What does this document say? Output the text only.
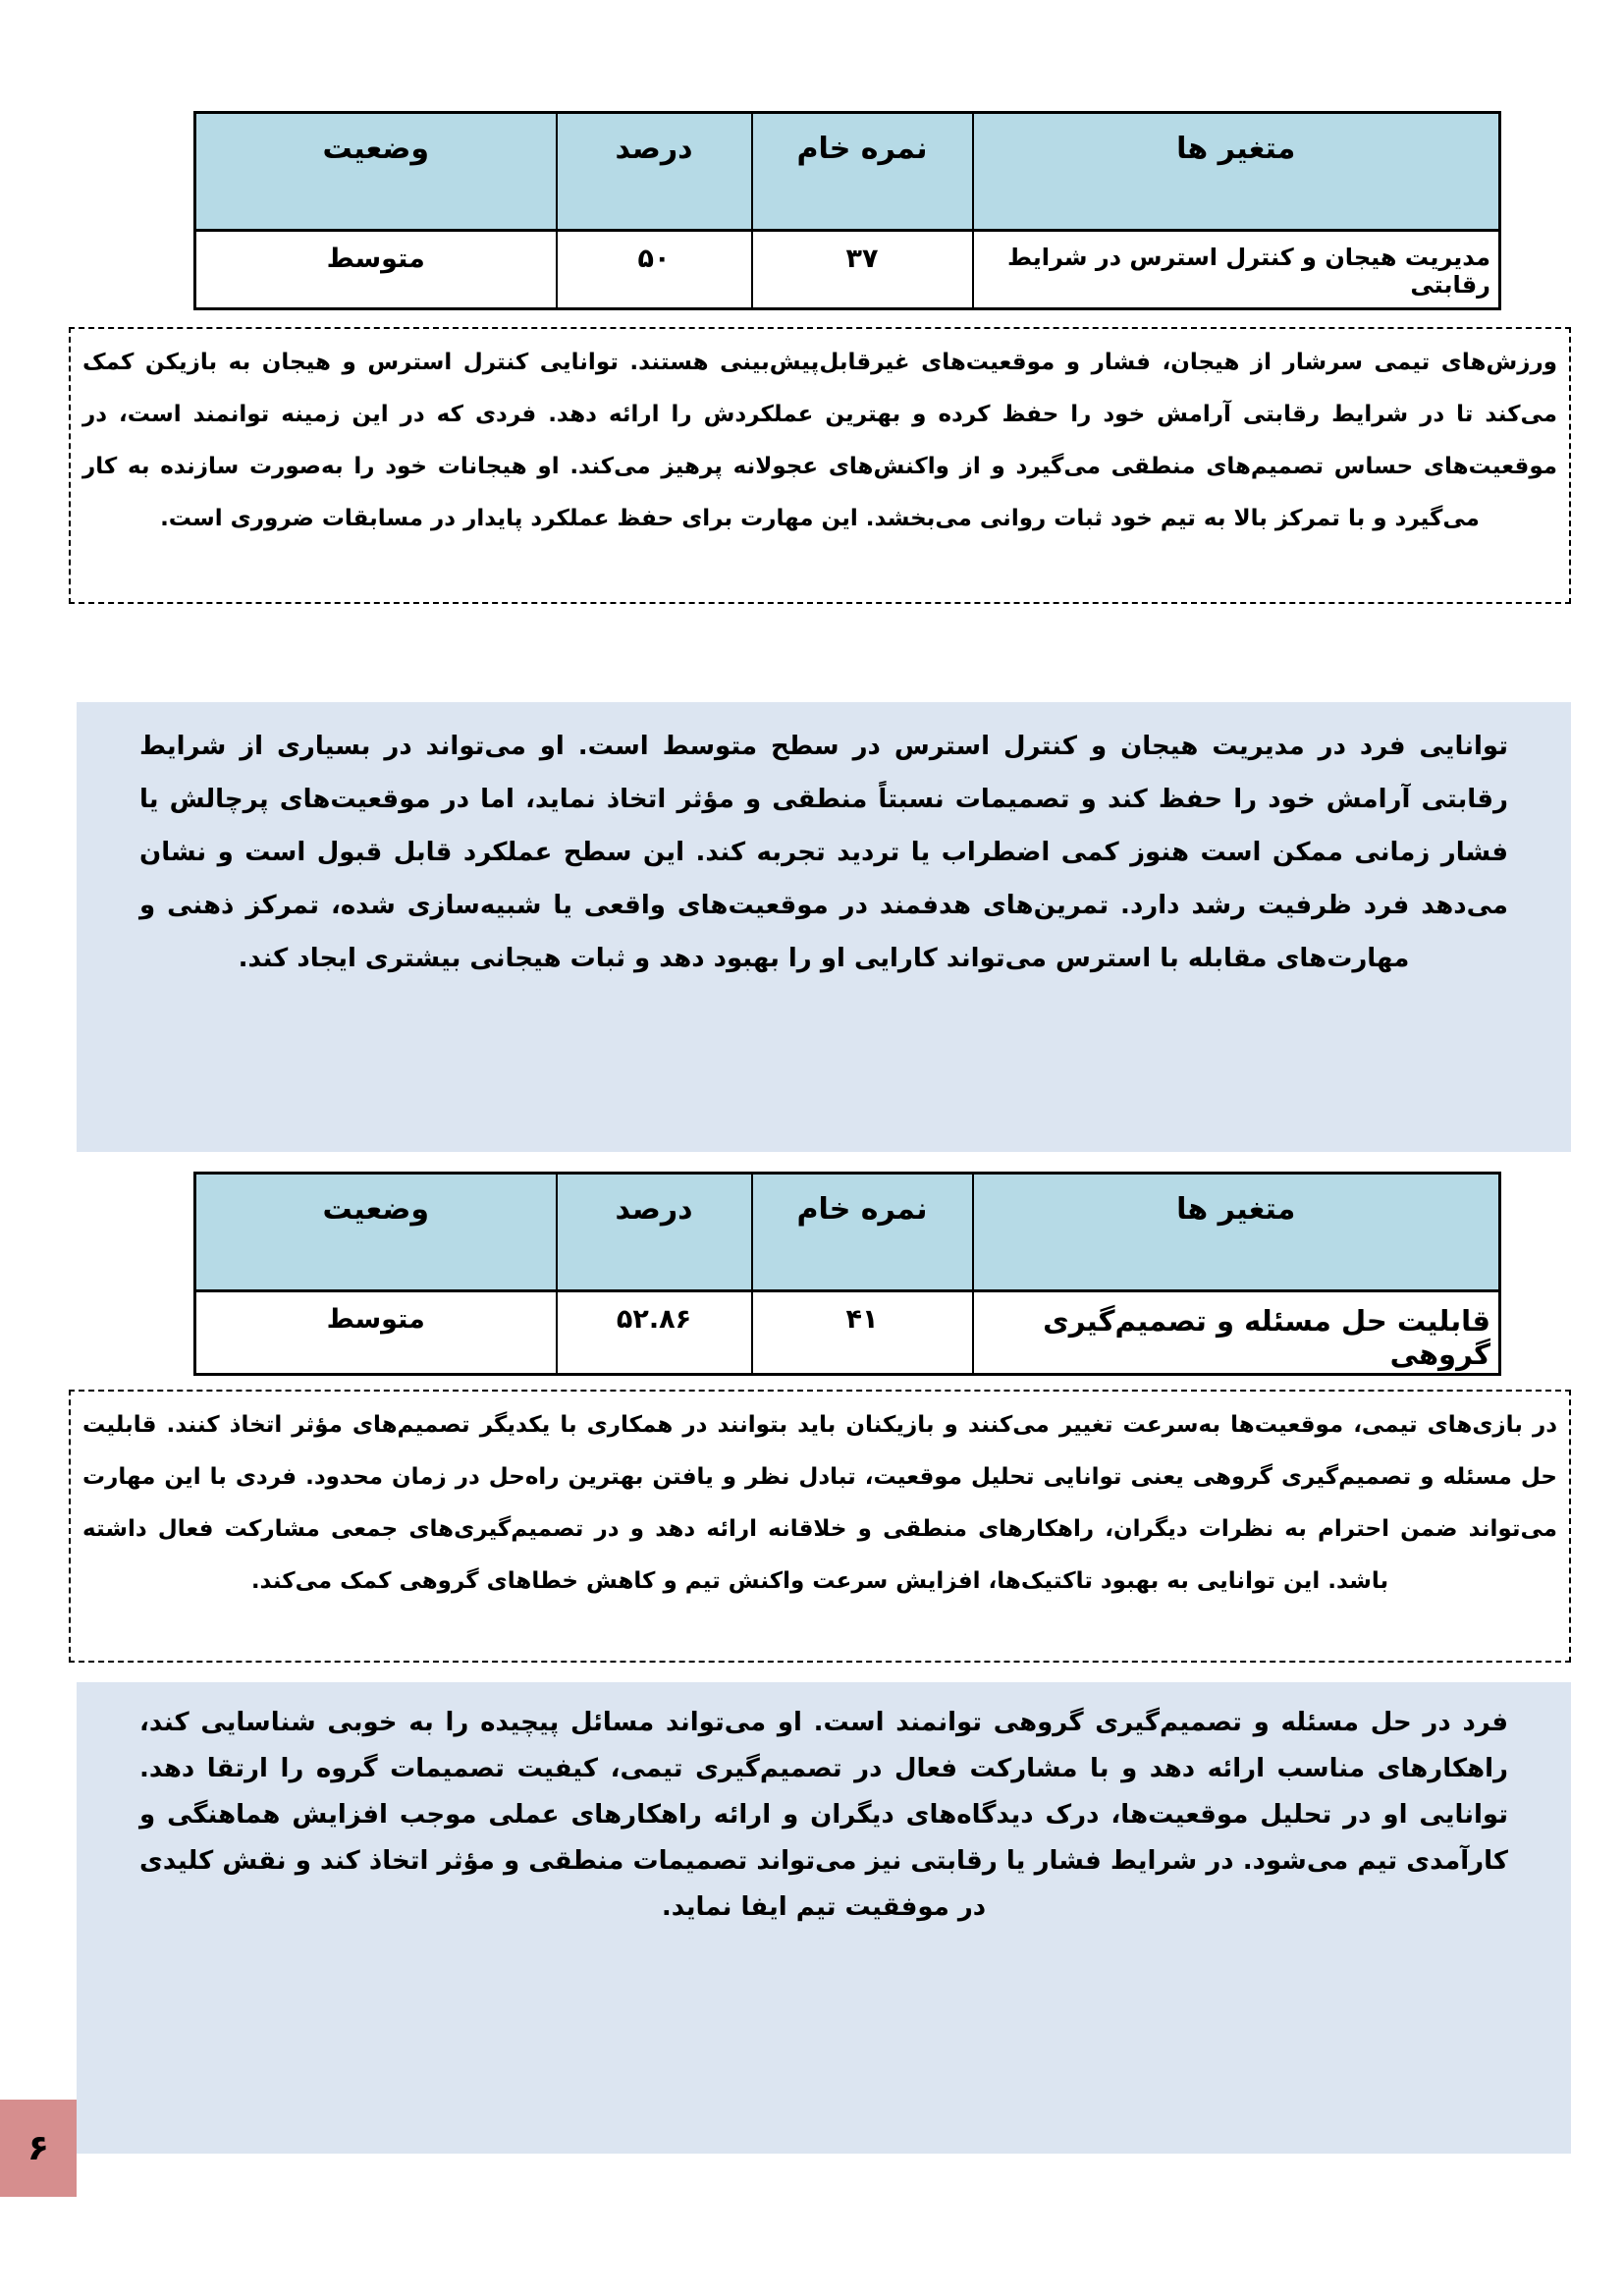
متغیر ها	نمره خام	درصد	وضعیت
مدیریت هیجان و کنترل استرس در شرایط رقابتی	۳۷	۵۰	متوسط
ورزش‌های تیمی سرشار از هیجان، فشار و موقعیت‌های غیرقابل‌پیش‌بینی هستند. توانایی کنترل استرس و هیجان به بازیکن کمک می‌کند تا در شرایط رقابتی آرامش خود را حفظ کرده و بهترین عملکردش را ارائه دهد. فردی که در این زمینه توانمند است، در موقعیت‌های حساس تصمیم‌های منطقی می‌گیرد و از واکنش‌های عجولانه پرهیز می‌کند. او هیجانات خود را به‌صورت سازنده به کار می‌گیرد و با تمرکز بالا به تیم خود ثبات روانی می‌بخشد. این مهارت برای حفظ عملکرد پایدار در مسابقات ضروری است.
توانایی فرد در مدیریت هیجان و کنترل استرس در سطح متوسط است. او می‌تواند در بسیاری از شرایط رقابتی آرامش خود را حفظ کند و تصمیمات نسبتاً منطقی و مؤثر اتخاذ نماید، اما در موقعیت‌های پرچالش یا فشار زمانی ممکن است هنوز کمی اضطراب یا تردید تجربه کند. این سطح عملکرد قابل قبول است و نشان می‌دهد فرد ظرفیت رشد دارد. تمرین‌های هدفمند در موقعیت‌های واقعی یا شبیه‌سازی شده، تمرکز ذهنی و مهارت‌های مقابله با استرس می‌تواند کارایی او را بهبود دهد و ثبات هیجانی بیشتری ایجاد کند.
متغیر ها	نمره خام	درصد	وضعیت
قابلیت حل مسئله و تصمیم‌گیری گروهی	۴۱	۵۲.۸۶	متوسط
در بازی‌های تیمی، موقعیت‌ها به‌سرعت تغییر می‌کنند و بازیکنان باید بتوانند در همکاری با یکدیگر تصمیم‌های مؤثر اتخاذ کنند. قابلیت حل مسئله و تصمیم‌گیری گروهی یعنی توانایی تحلیل موقعیت، تبادل نظر و یافتن بهترین راه‌حل در زمان محدود. فردی با این مهارت می‌تواند ضمن احترام به نظرات دیگران، راهکارهای منطقی و خلاقانه ارائه دهد و در تصمیم‌گیری‌های جمعی مشارکت فعال داشته باشد. این توانایی به بهبود تاکتیک‌ها، افزایش سرعت واکنش تیم و کاهش خطاهای گروهی کمک می‌کند.
فرد در حل مسئله و تصمیم‌گیری گروهی توانمند است. او می‌تواند مسائل پیچیده را به خوبی شناسایی کند، راهکارهای مناسب ارائه دهد و با مشارکت فعال در تصمیم‌گیری تیمی، کیفیت تصمیمات گروه را ارتقا دهد. توانایی او در تحلیل موقعیت‌ها، درک دیدگاه‌های دیگران و ارائه راهکارهای عملی موجب افزایش هماهنگی و کارآمدی تیم می‌شود. در شرایط فشار یا رقابتی نیز می‌تواند تصمیمات منطقی و مؤثر اتخاذ کند و نقش کلیدی در موفقیت تیم ایفا نماید.
۶
